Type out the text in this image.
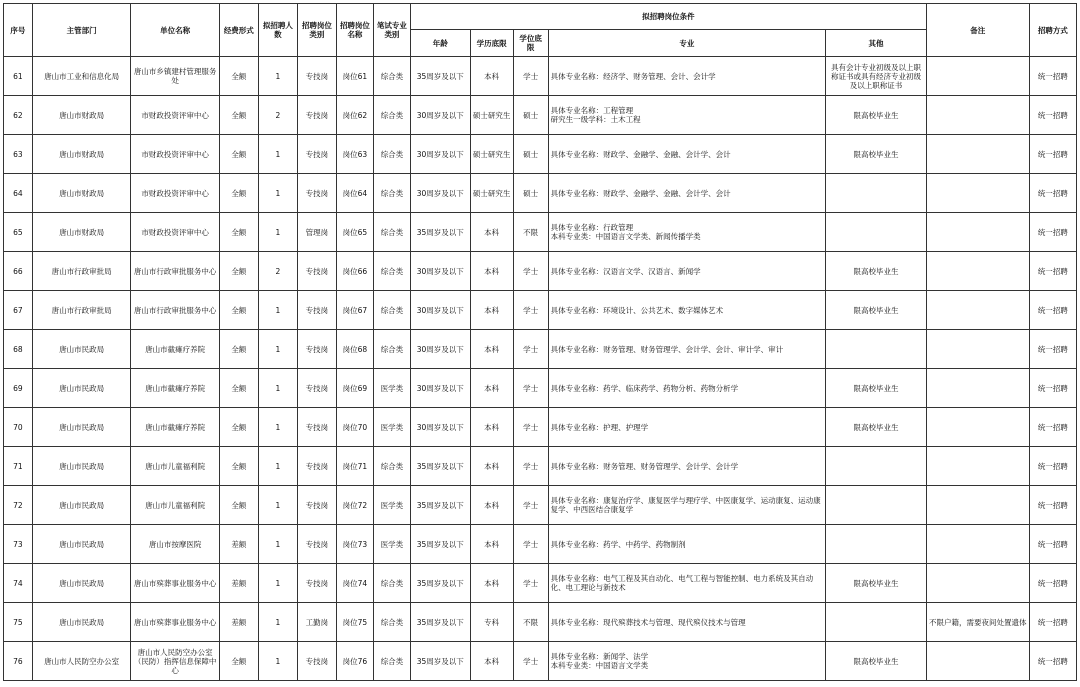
序号	主管部门	单位名称	经费形式	拟招聘人数	招聘岗位类别	招聘岗位名称	笔试专业类别	拟招聘岗位条件					备注	招聘方式
								年龄	学历底限	学位底限	专业	其他		
61	唐山市工业和信息化局	唐山市乡镇建村管理服务处	全额	1	专技岗	岗位61	综合类	35周岁及以下	本科	学士	具体专业名称：经济学、财务管理、会计、会计学	具有会计专业初级及以上职称证书或具有经济专业初级及以上职称证书		统一招聘
62	唐山市财政局	市财政投资评审中心	全额	2	专技岗	岗位62	综合类	30周岁及以下	硕士研究生	硕士	具体专业名称：工程管理
研究生一级学科：土木工程	限高校毕业生		统一招聘
63	唐山市财政局	市财政投资评审中心	全额	1	专技岗	岗位63	综合类	30周岁及以下	硕士研究生	硕士	具体专业名称：财政学、金融学、金融、会计学、会计	限高校毕业生		统一招聘
64	唐山市财政局	市财政投资评审中心	全额	1	专技岗	岗位64	综合类	30周岁及以下	硕士研究生	硕士	具体专业名称：财政学、金融学、金融、会计学、会计			统一招聘
65	唐山市财政局	市财政投资评审中心	全额	1	管理岗	岗位65	综合类	35周岁及以下	本科	不限	具体专业名称：行政管理
本科专业类：中国语言文学类、新闻传播学类			统一招聘
66	唐山市行政审批局	唐山市行政审批服务中心	全额	2	专技岗	岗位66	综合类	30周岁及以下	本科	学士	具体专业名称：汉语言文学、汉语言、新闻学	限高校毕业生		统一招聘
67	唐山市行政审批局	唐山市行政审批服务中心	全额	1	专技岗	岗位67	综合类	30周岁及以下	本科	学士	具体专业名称：环境设计、公共艺术、数字媒体艺术	限高校毕业生		统一招聘
68	唐山市民政局	唐山市截瘫疗养院	全额	1	专技岗	岗位68	综合类	30周岁及以下	本科	学士	具体专业名称：财务管理、财务管理学、会计学、会计、审计学、审计			统一招聘
69	唐山市民政局	唐山市截瘫疗养院	全额	1	专技岗	岗位69	医学类	30周岁及以下	本科	学士	具体专业名称：药学、临床药学、药物分析、药物分析学	限高校毕业生		统一招聘
70	唐山市民政局	唐山市截瘫疗养院	全额	1	专技岗	岗位70	医学类	30周岁及以下	本科	学士	具体专业名称：护理、护理学	限高校毕业生		统一招聘
71	唐山市民政局	唐山市儿童福利院	全额	1	专技岗	岗位71	综合类	35周岁及以下	本科	学士	具体专业名称：财务管理、财务管理学、会计学、会计学			统一招聘
72	唐山市民政局	唐山市儿童福利院	全额	1	专技岗	岗位72	医学类	35周岁及以下	本科	学士	具体专业名称：康复治疗学、康复医学与理疗学、中医康复学、运动康复、运动康复学、中西医结合康复学			统一招聘
73	唐山市民政局	唐山市按摩医院	差额	1	专技岗	岗位73	医学类	35周岁及以下	本科	学士	具体专业名称：药学、中药学、药物制剂			统一招聘
74	唐山市民政局	唐山市殡葬事业服务中心	差额	1	专技岗	岗位74	综合类	35周岁及以下	本科	学士	具体专业名称：电气工程及其自动化、电气工程与智能控制、电力系统及其自动化、电工理论与新技术	限高校毕业生		统一招聘
75	唐山市民政局	唐山市殡葬事业服务中心	差额	1	工勤岗	岗位75	综合类	35周岁及以下	专科	不限	具体专业名称：现代殡葬技术与管理、现代殡仪技术与管理		不限户籍，需要夜间处置遗体	统一招聘
76	唐山市人民防空办公室	唐山市人民防空办公室（民防）指挥信息保障中心	全额	1	专技岗	岗位76	综合类	35周岁及以下	本科	学士	具体专业名称：新闻学、法学
本科专业类：中国语言文学类	限高校毕业生		统一招聘
